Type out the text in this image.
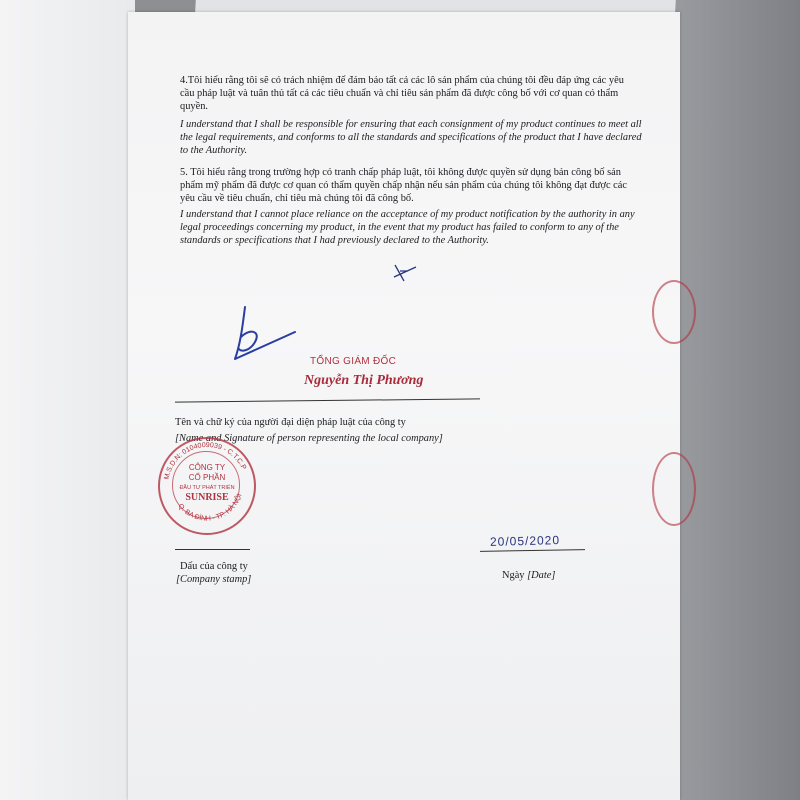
4.Tôi hiểu rằng tôi sẽ có trách nhiệm để đảm bảo tất cả các lô sản phẩm của chúng tôi đều đáp ứng các yêu cầu pháp luật và tuân thủ tất cả các tiêu chuẩn và chỉ tiêu sản phẩm đã được công bố với cơ quan có thẩm quyền.
I understand that I shall be responsible for ensuring that each consignment of my product continues to meet all the legal requirements, and conforms to all the standards and specifications of the product that I have declared to the Authority.
5. Tôi hiểu rằng trong trường hợp có tranh chấp pháp luật, tôi không được quyền sử dụng bản công bố sản phẩm mỹ phẩm đã được cơ quan có thẩm quyền chấp nhận nếu sản phẩm của chúng tôi không đạt được các yêu cầu về tiêu chuẩn, chỉ tiêu mà chúng tôi đã công bố.
I understand that I cannot place reliance on the acceptance of my product notification by the authority in any legal proceedings concerning my product, in the event that my product has failed to conform to any of the standards or specifications that I had previously declared to the Authority.
TỔNG GIÁM ĐỐC
Nguyễn Thị Phương
Tên và chữ ký của người đại diện pháp luật của công ty
[Name and Signature of person representing the local company]
M.S.D.N: 0104009039 - C.T.C.P
Q. BA ĐÌNH - TP. HÀ NỘI
CÔNG TY
CỔ PHẦN
ĐẦU TƯ PHÁT TRIỂN
SUNRISE
Dấu của công ty
[Company stamp]
20/05/2020
Ngày [Date]
